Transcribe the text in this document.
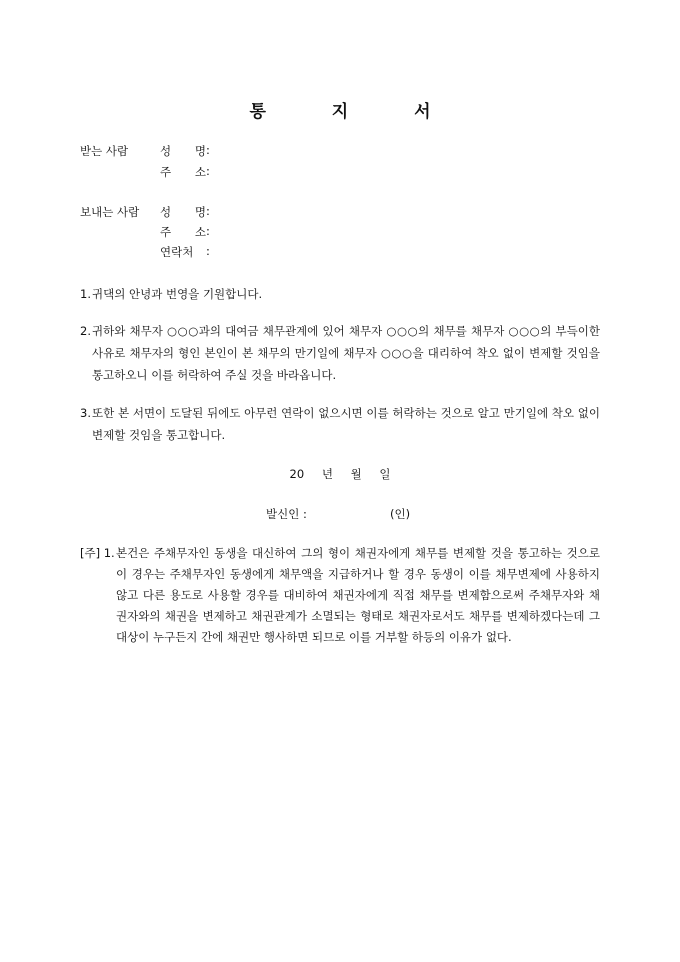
통 지 서
받는 사람	성 명 :
주 소 :
보내는 사람 성 명 :
주 소 :
연락처	:
1. 귀댁의 안녕과 번영을 기원합니다.
2. 귀하와 채무자 ○○○과의 대여금 채무관계에 있어 채무자 ○○○의 채무를 채무자 ○○○의 부득이한 사유로 채무자의 형인 본인이 본 채무의 만기일에 채무자 ○○○을 대리하여 착오 없이 변제할 것임을 통고하오니 이를 허락하여 주실 것을 바라옵니다.
3. 또한 본 서면이 도달된 뒤에도 아무런 연락이 없으시면 이를 허락하는 것으로 알고 만기일에 착오 없이 변제할 것임을 통고합니다.
20 년 월 일
발신인 :	(인)
[주] 1. 본건은 주채무자인 동생을 대신하여 그의 형이 채권자에게 채무를 변제할 것을 통고하는 것으로 이 경우는 주채무자인 동생에게 채무액을 지급하거나 할 경우 동생이 이를 채무변제에 사용하지 않고 다른 용도로 사용할 경우를 대비하여 채권자에게 직접 채무를 변제함으로써 주채무자와 채권자와의 채권을 변제하고 채권관계가 소멸되는 형태로 채권자로서도 채무를 변제하겠다는데 그 대상이 누구든지 간에 채권만 행사하면 되므로 이를 거부할 하등의 이유가 없다.
